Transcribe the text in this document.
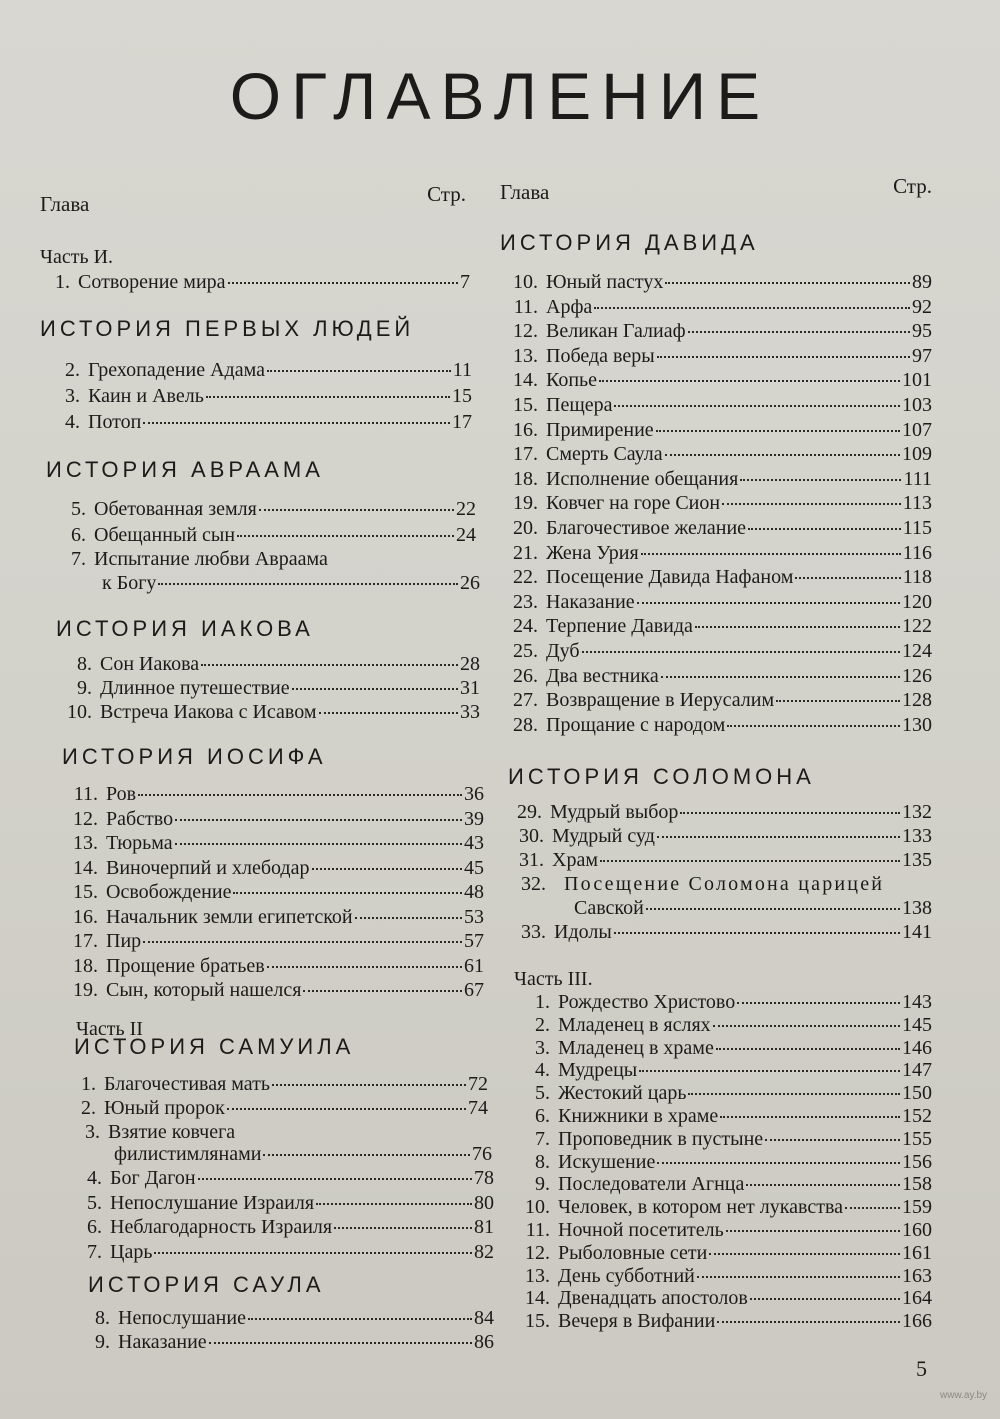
ОГЛАВЛЕНИЕ
Глава	Стр.
Часть И.
1. Сотворение мира	7
ИСТОРИЯ ПЕРВЫХ ЛЮДЕЙ
2. Грехопадение Адама	11
3. Каин и Авель	15
4. Потоп	17
ИСТОРИЯ АВРААМА
5. Обетованная земля	22
6. Обещанный сын	24
7. Испытание любви Авраама
к Богу	26
ИСТОРИЯ ИАКОВА
8. Сон Иакова	28
9. Длинное путешествие	31
10. Встреча Иакова с Исавом	33
ИСТОРИЯ ИОСИФА
11. Ров	36
12. Рабство	39
13. Тюрьма	43
14. Виночерпий и хлебодар	45
15. Освобождение	48
16. Начальник земли египетской	53
17. Пир	57
18. Прощение братьев	61
19. Сын, который нашелся	67
Часть II
ИСТОРИЯ САМУИЛА
1. Благочестивая мать	72
2. Юный пророк	74
3. Взятие ковчега
филистимлянами	76
4. Бог Дагон	78
5. Непослушание Израиля	80
6. Неблагодарность Израиля	81
7. Царь	82
ИСТОРИЯ САУЛА
8. Непослушание	84
9. Наказание	86
Глава	Стр.
ИСТОРИЯ ДАВИДА
10. Юный пастух	89
11. Арфа	92
12. Великан Галиаф	95
13. Победа веры	97
14. Копье	101
15. Пещера	103
16. Примирение	107
17. Смерть Саула	109
18. Исполнение обещания	111
19. Ковчег на горе Сион	113
20. Благочестивое желание	115
21. Жена Урия	116
22. Посещение Давида Нафаном	118
23. Наказание	120
24. Терпение Давида	122
25. Дуб	124
26. Два вестника	126
27. Возвращение в Иерусалим	128
28. Прощание с народом	130
ИСТОРИЯ СОЛОМОНА
29. Мудрый выбор	132
30. Мудрый суд	133
31. Храм	135
32. Посещение Соломона царицей
Савской	138
33. Идолы	141
Часть III.
1. Рождество Христово	143
2. Младенец в яслях	145
3. Младенец в храме	146
4. Мудрецы	147
5. Жестокий царь	150
6. Книжники в храме	152
7. Проповедник в пустыне	155
8. Искушение	156
9. Последователи Агнца	158
10. Человек, в котором нет лукавства	159
11. Ночной посетитель	160
12. Рыболовные сети	161
13. День субботний	163
14. Двенадцать апостолов	164
15. Вечеря в Вифании	166
5
www.ay.by
